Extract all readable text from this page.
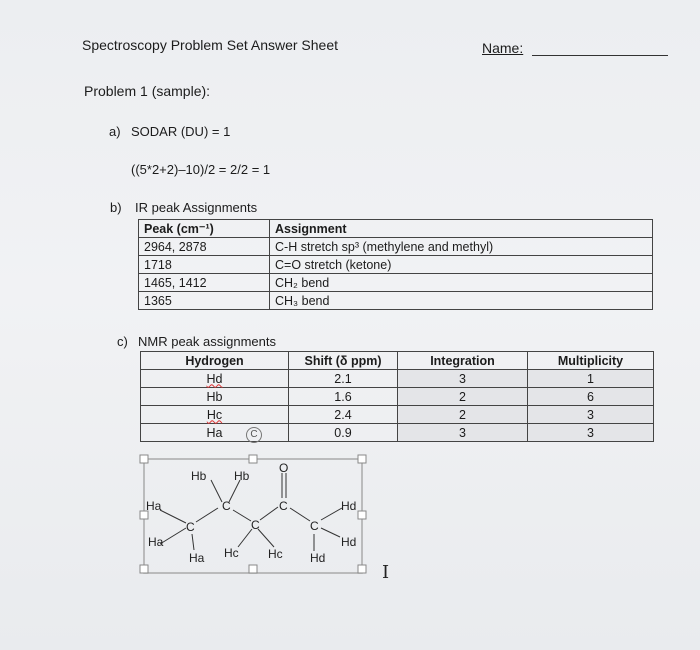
Spectroscopy Problem Set Answer Sheet	Name:
Problem 1 (sample):
a) SODAR (DU) = 1
((5*2+2)–10)/2 = 2/2 = 1
b) IR peak Assignments
Peak (cm⁻¹)	Assignment
2964, 2878	C-H stretch sp³ (methylene and methyl)
1718	C=O stretch (ketone)
1465, 1412	CH₂ bend
1365	CH₃ bend
c) NMR peak assignments
Hydrogen	Shift (δ ppm)	Integration	Multiplicity
Hd	2.1	3	1
Hb	1.6	2	6
Hc	2.4	2	3
Ha	0.9	3	3
C
Hb Hb
O
Ha	C	C	Hd
C	C	C
Ha	Hd
Ha Hc Hc Hd
I
